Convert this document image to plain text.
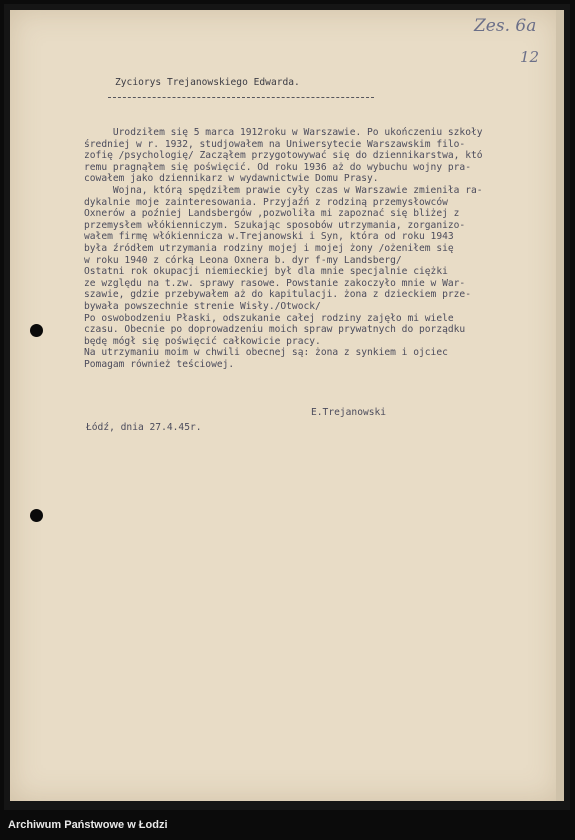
Zes. 6a
12
Zyciorys Trejanowskiego Edwarda.
Urodziłem się 5 marca 1912roku w Warszawie. Po ukończeniu szkoły
średniej w r. 1932, studjowałem na Uniwersytecie Warszawskim filo-
zofię /psychologię/ Zacząłem przygotowywać się do dziennikarstwa, któ
remu pragnąłem się poświęcić. Od roku 1936 aż do wybuchu wojny pra-
cowałem jako dziennikarz w wydawnictwie Domu Prasy.
Wojna, którą spędziłem prawie cyły czas w Warszawie zmieniła ra-
dykalnie moje zainteresowania. Przyjaźń z rodziną przemysłowców
Oxnerów a poźniej Landsbergów ,pozwoliła mi zapoznać się bliżej z
przemysłem włókienniczym. Szukając sposobów utrzymania, zorganizo-
wałem firmę włókiennicza w.Trejanowski i Syn, która od roku 1943
była źródłem utrzymania rodziny mojej i mojej żony /ożeniłem się
w roku 1940 z córką Leona Oxnera b. dyr f-my Landsberg/
Ostatni rok okupacji niemieckiej był dla mnie specjalnie ciężki
ze względu na t.zw. sprawy rasowe. Powstanie zakoczyło mnie w War-
szawie, gdzie przebywałem aż do kapitulacji. żona z dzieckiem prze-
bywała powszechnie strenie Wisły./Otwock/
Po oswobodzeniu Płaski, odszukanie całej rodziny zajęło mi wiele
czasu. Obecnie po doprowadzeniu moich spraw prywatnych do porządku
będę mógł się poświęcić całkowicie pracy.
Na utrzymaniu moim w chwili obecnej są: żona z synkiem i ojciec
Pomagam również teściowej.
E.Trejanowski
Łódź, dnia 27.4.45r.
Archiwum Państwowe w Łodzi
